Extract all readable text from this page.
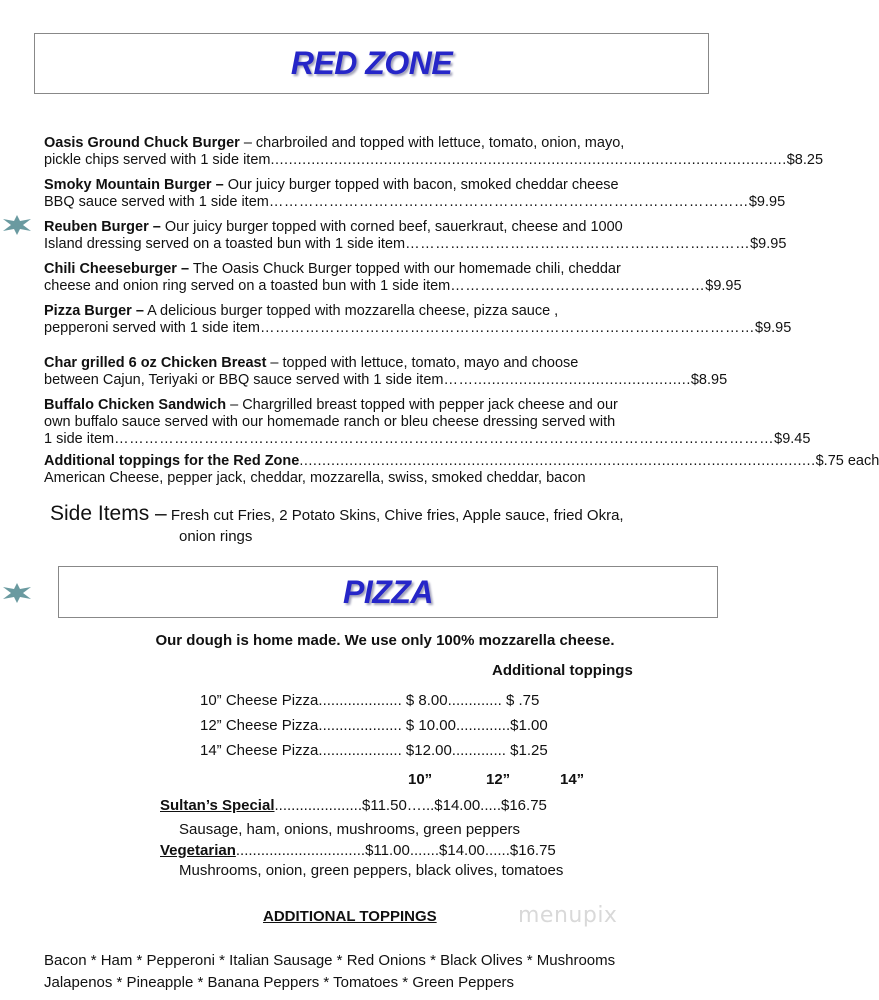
RED ZONE
Oasis Ground Chuck Burger – charbroiled and topped with lettuce, tomato, onion, mayo,
pickle chips served with 1 side item .................................................................................................................. $8.25
Smoky Mountain Burger – Our juicy burger topped with bacon, smoked cheddar cheese
BBQ sauce served with 1 side item …………………………………………………………………………………… $9.95
Reuben Burger – Our juicy burger topped with corned beef, sauerkraut, cheese and 1000
Island dressing served on a toasted bun with 1 side item …………………………………………………………… $9.95
Chili Cheeseburger – The Oasis Chuck Burger topped with our homemade chili, cheddar
cheese and onion ring served on a toasted bun with 1 side item …………………………………………… $9.95
Pizza Burger – A delicious burger topped with mozzarella cheese, pizza sauce ,
pepperoni served with 1 side item ……………………………………………………………………………………… $9.95
Char grilled 6 oz Chicken Breast – topped with lettuce, tomato, mayo and choose
between Cajun, Teriyaki or BBQ sauce served with 1 side item ……................................................ $8.95
Buffalo Chicken Sandwich – Chargrilled breast topped with pepper jack cheese and our
own buffalo sauce served with our homemade ranch or bleu cheese dressing served with
1 side item …………………………………………………………………………………………………………………… $9.45
Additional toppings for the Red Zone .................................................................................................................. $.75 each
American Cheese, pepper jack, cheddar, mozzarella, swiss, smoked cheddar, bacon
Side Items – Fresh cut Fries, 2 Potato Skins, Chive fries, Apple sauce, fried Okra,
onion rings
PIZZA
Our dough is home made. We use only 100% mozzarella cheese.
Additional toppings
10” Cheese Pizza.................... $ 8.00............. $ .75
12” Cheese Pizza.................... $ 10.00.............$1.00
14” Cheese Pizza.................... $12.00............. $1.25
10”	12”	14”
Sultan’s Special.....................$11.50…...$14.00.....$16.75
Sausage, ham, onions, mushrooms, green peppers
Vegetarian...............................$11.00.......$14.00......$16.75
Mushrooms, onion, green peppers, black olives, tomatoes
ADDITIONAL TOPPINGS	menupix
Bacon * Ham * Pepperoni * Italian Sausage * Red Onions * Black Olives * Mushrooms
Jalapenos * Pineapple * Banana Peppers * Tomatoes * Green Peppers
